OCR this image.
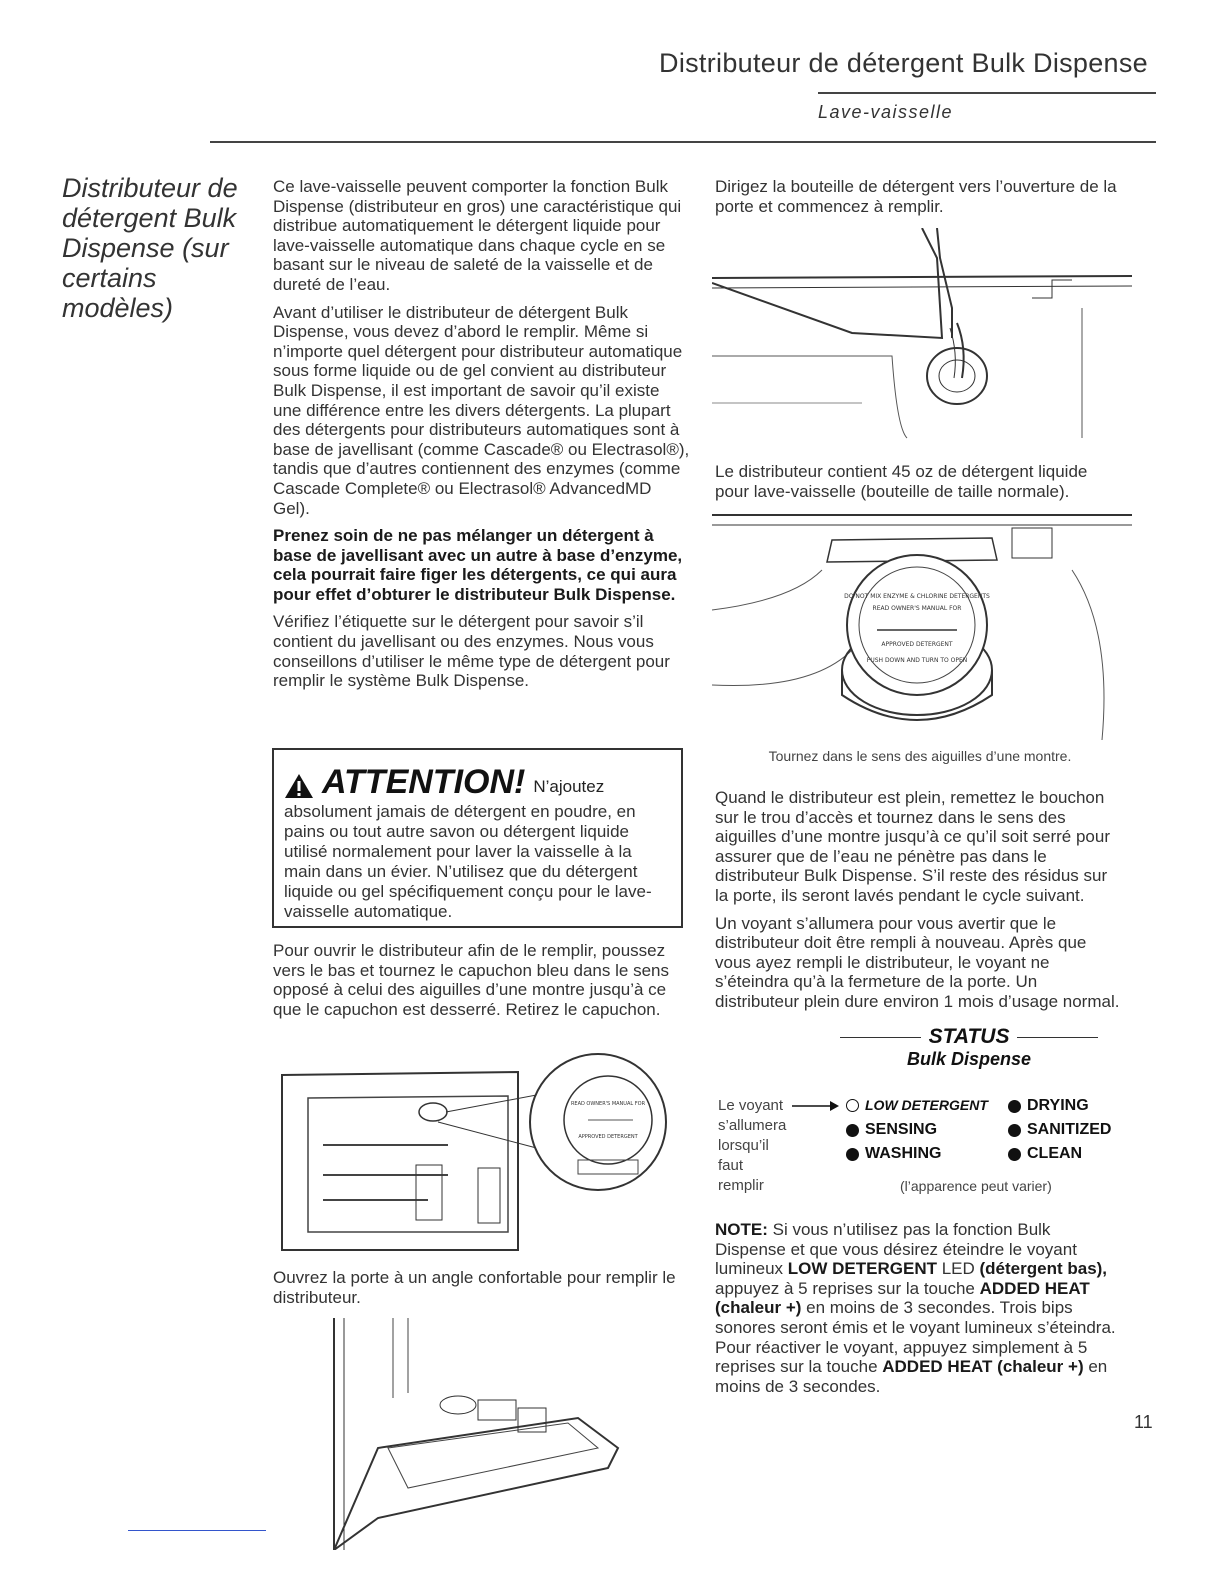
Distributeur de détergent Bulk Dispense
Lave-vaisselle
Distributeur de détergent Bulk Dispense (sur certains modèles)

Ce lave-vaisselle peuvent comporter la fonction Bulk Dispense (distributeur en gros) une caractéristique qui distribue automatiquement le détergent liquide pour lave-vaisselle automatique dans chaque cycle en se basant sur le niveau de saleté de la vaisselle et de dureté de l’eau.

Avant d’utiliser le distributeur de détergent Bulk Dispense, vous devez d’abord le remplir. Même si n’importe quel détergent pour distributeur automatique sous forme liquide ou de gel convient au distributeur Bulk Dispense, il est important de savoir qu’il existe une différence entre les divers détergents. La plupart des détergents pour distributeurs automatiques sont à base de javellisant (comme Cascade® ou Electrasol®), tandis que d’autres contiennent des enzymes (comme Cascade Complete® ou Electrasol® AdvancedMD Gel).

Prenez soin de ne pas mélanger un détergent à base de javellisant avec un autre à base d’enzyme, cela pourrait faire figer les détergents, ce qui aura pour effet d’obturer le distributeur Bulk Dispense.

Vérifiez l’étiquette sur le détergent pour savoir s’il contient du javellisant ou des enzymes. Nous vous conseillons d’utiliser le même type de détergent pour remplir le système Bulk Dispense.

ATTENTION! N’ajoutez
absolument jamais de détergent en poudre, en pains ou tout autre savon ou détergent liquide utilisé normalement pour laver la vaisselle à la main dans un évier. N’utilisez que du détergent liquide ou gel spécifiquement conçu pour le lave-vaisselle automatique.

Pour ouvrir le distributeur afin de le remplir, poussez vers le bas et tournez le capuchon bleu dans le sens opposé à celui des aiguilles d’une montre jusqu’à ce que le capuchon est desserré. Retirez le capuchon.

READ OWNER'S MANUAL FOR
APPROVED DETERGENT

Ouvrez la porte à un angle confortable pour remplir le distributeur.

Dirigez la bouteille de détergent vers l’ouverture de la porte et commencez à remplir.

Le distributeur contient 45 oz de détergent liquide pour lave-vaisselle (bouteille de taille normale).

DO NOT MIX ENZYME & CHLORINE DETERGENTS
READ OWNER'S MANUAL FOR
APPROVED DETERGENT
PUSH DOWN AND TURN TO OPEN
Tournez dans le sens des aiguilles d’une montre.

Quand le distributeur est plein, remettez le bouchon sur le trou d’accès et tournez dans le sens des aiguilles d’une montre jusqu’à ce qu’il soit serré pour assurer que de l’eau ne pénètre pas dans le distributeur Bulk Dispense. S’il reste des résidus sur la porte, ils seront lavés pendant le cycle suivant.

Un voyant s’allumera pour vous avertir que le distributeur doit être rempli à nouveau. Après que vous ayez rempli le distributeur, le voyant ne s’éteindra qu’à la fermeture de la porte. Un distributeur plein dure environ 1 mois d’usage normal.

STATUS
Bulk Dispense
Le voyant
s’allumera
lorsqu’il
faut
remplir
LOW DETERGENT DRYING
SENSING	SANITIZED
WASHING	CLEAN
(l’apparence peut varier)
NOTE: Si vous n’utilisez pas la fonction Bulk Dispense et que vous désirez éteindre le voyant lumineux LOW DETERGENT LED (détergent bas), appuyez à 5 reprises sur la touche ADDED HEAT (chaleur +) en moins de 3 secondes. Trois bips sonores seront émis et le voyant lumineux s’éteindra. Pour réactiver le voyant, appuyez simplement à 5 reprises sur la touche ADDED HEAT (chaleur +) en moins de 3 secondes.
11
